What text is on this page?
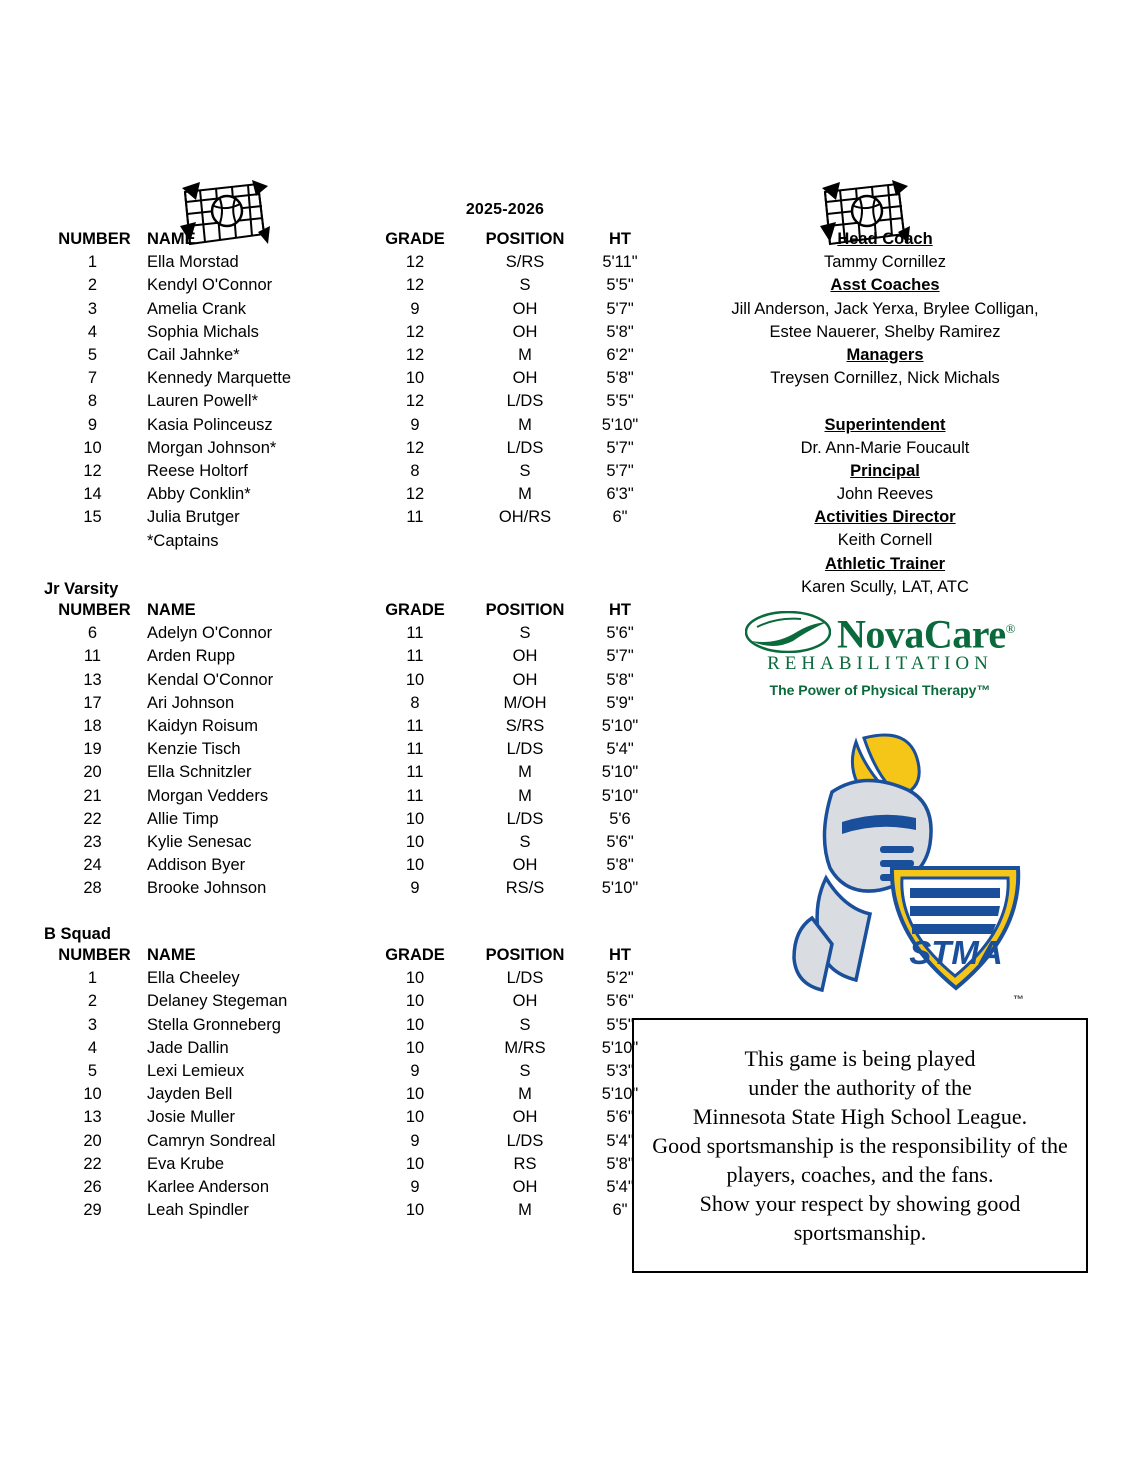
2025-2026
NUMBER	NAME	GRADE	POSITION	HT
1	Ella Morstad	12	S/RS	5'11"
2	Kendyl O'Connor	12	S	5'5"
3	Amelia Crank	9	OH	5'7"
4	Sophia Michals	12	OH	5'8"
5	Cail Jahnke*	12	M	6'2"
7	Kennedy Marquette	10	OH	5'8"
8	Lauren Powell*	12	L/DS	5'5"
9	Kasia Polinceusz	9	M	5'10"
10	Morgan Johnson*	12	L/DS	5'7"
12	Reese Holtorf	8	S	5'7"
14	Abby Conklin*	12	M	6'3"
15	Julia Brutger	11	OH/RS	6"
	*Captains			
Jr Varsity
NUMBER	NAME	GRADE	POSITION	HT
6	Adelyn O'Connor	11	S	5'6"
11	Arden Rupp	11	OH	5'7"
13	Kendal O'Connor	10	OH	5'8"
17	Ari Johnson	8	M/OH	5'9"
18	Kaidyn Roisum	11	S/RS	5'10"
19	Kenzie Tisch	11	L/DS	5'4"
20	Ella Schnitzler	11	M	5'10"
21	Morgan Vedders	11	M	5'10"
22	Allie Timp	10	L/DS	5'6
23	Kylie Senesac	10	S	5'6"
24	Addison Byer	10	OH	5'8"
28	Brooke Johnson	9	RS/S	5'10"
B Squad
NUMBER	NAME	GRADE	POSITION	HT
1	Ella Cheeley	10	L/DS	5'2"
2	Delaney Stegeman	10	OH	5'6"
3	Stella Gronneberg	10	S	5'5"
4	Jade Dallin	10	M/RS	5'10"
5	Lexi Lemieux	9	S	5'3"
10	Jayden Bell	10	M	5'10"
13	Josie Muller	10	OH	5'6"
20	Camryn Sondreal	9	L/DS	5'4"
22	Eva Krube	10	RS	5'8"
26	Karlee Anderson	9	OH	5'4"
29	Leah Spindler	10	M	6"
Head Coach
Tammy Cornillez
Asst Coaches
Jill Anderson, Jack Yerxa, Brylee Colligan,
Estee Nauerer, Shelby Ramirez
Managers
Treysen Cornillez, Nick Michals
Superintendent
Dr. Ann-Marie Foucault
Principal
John Reeves
Activities Director
Keith Cornell
Athletic Trainer
Karen Scully, LAT, ATC
NovaCare®
REHABILITATION
The Power of Physical Therapy™
STMA
™

This game is being played

under the authority of the

Minnesota State High School League.

Good sportsmanship is the responsibility of the

players, coaches, and the fans.

Show your respect by showing good

sportsmanship.
